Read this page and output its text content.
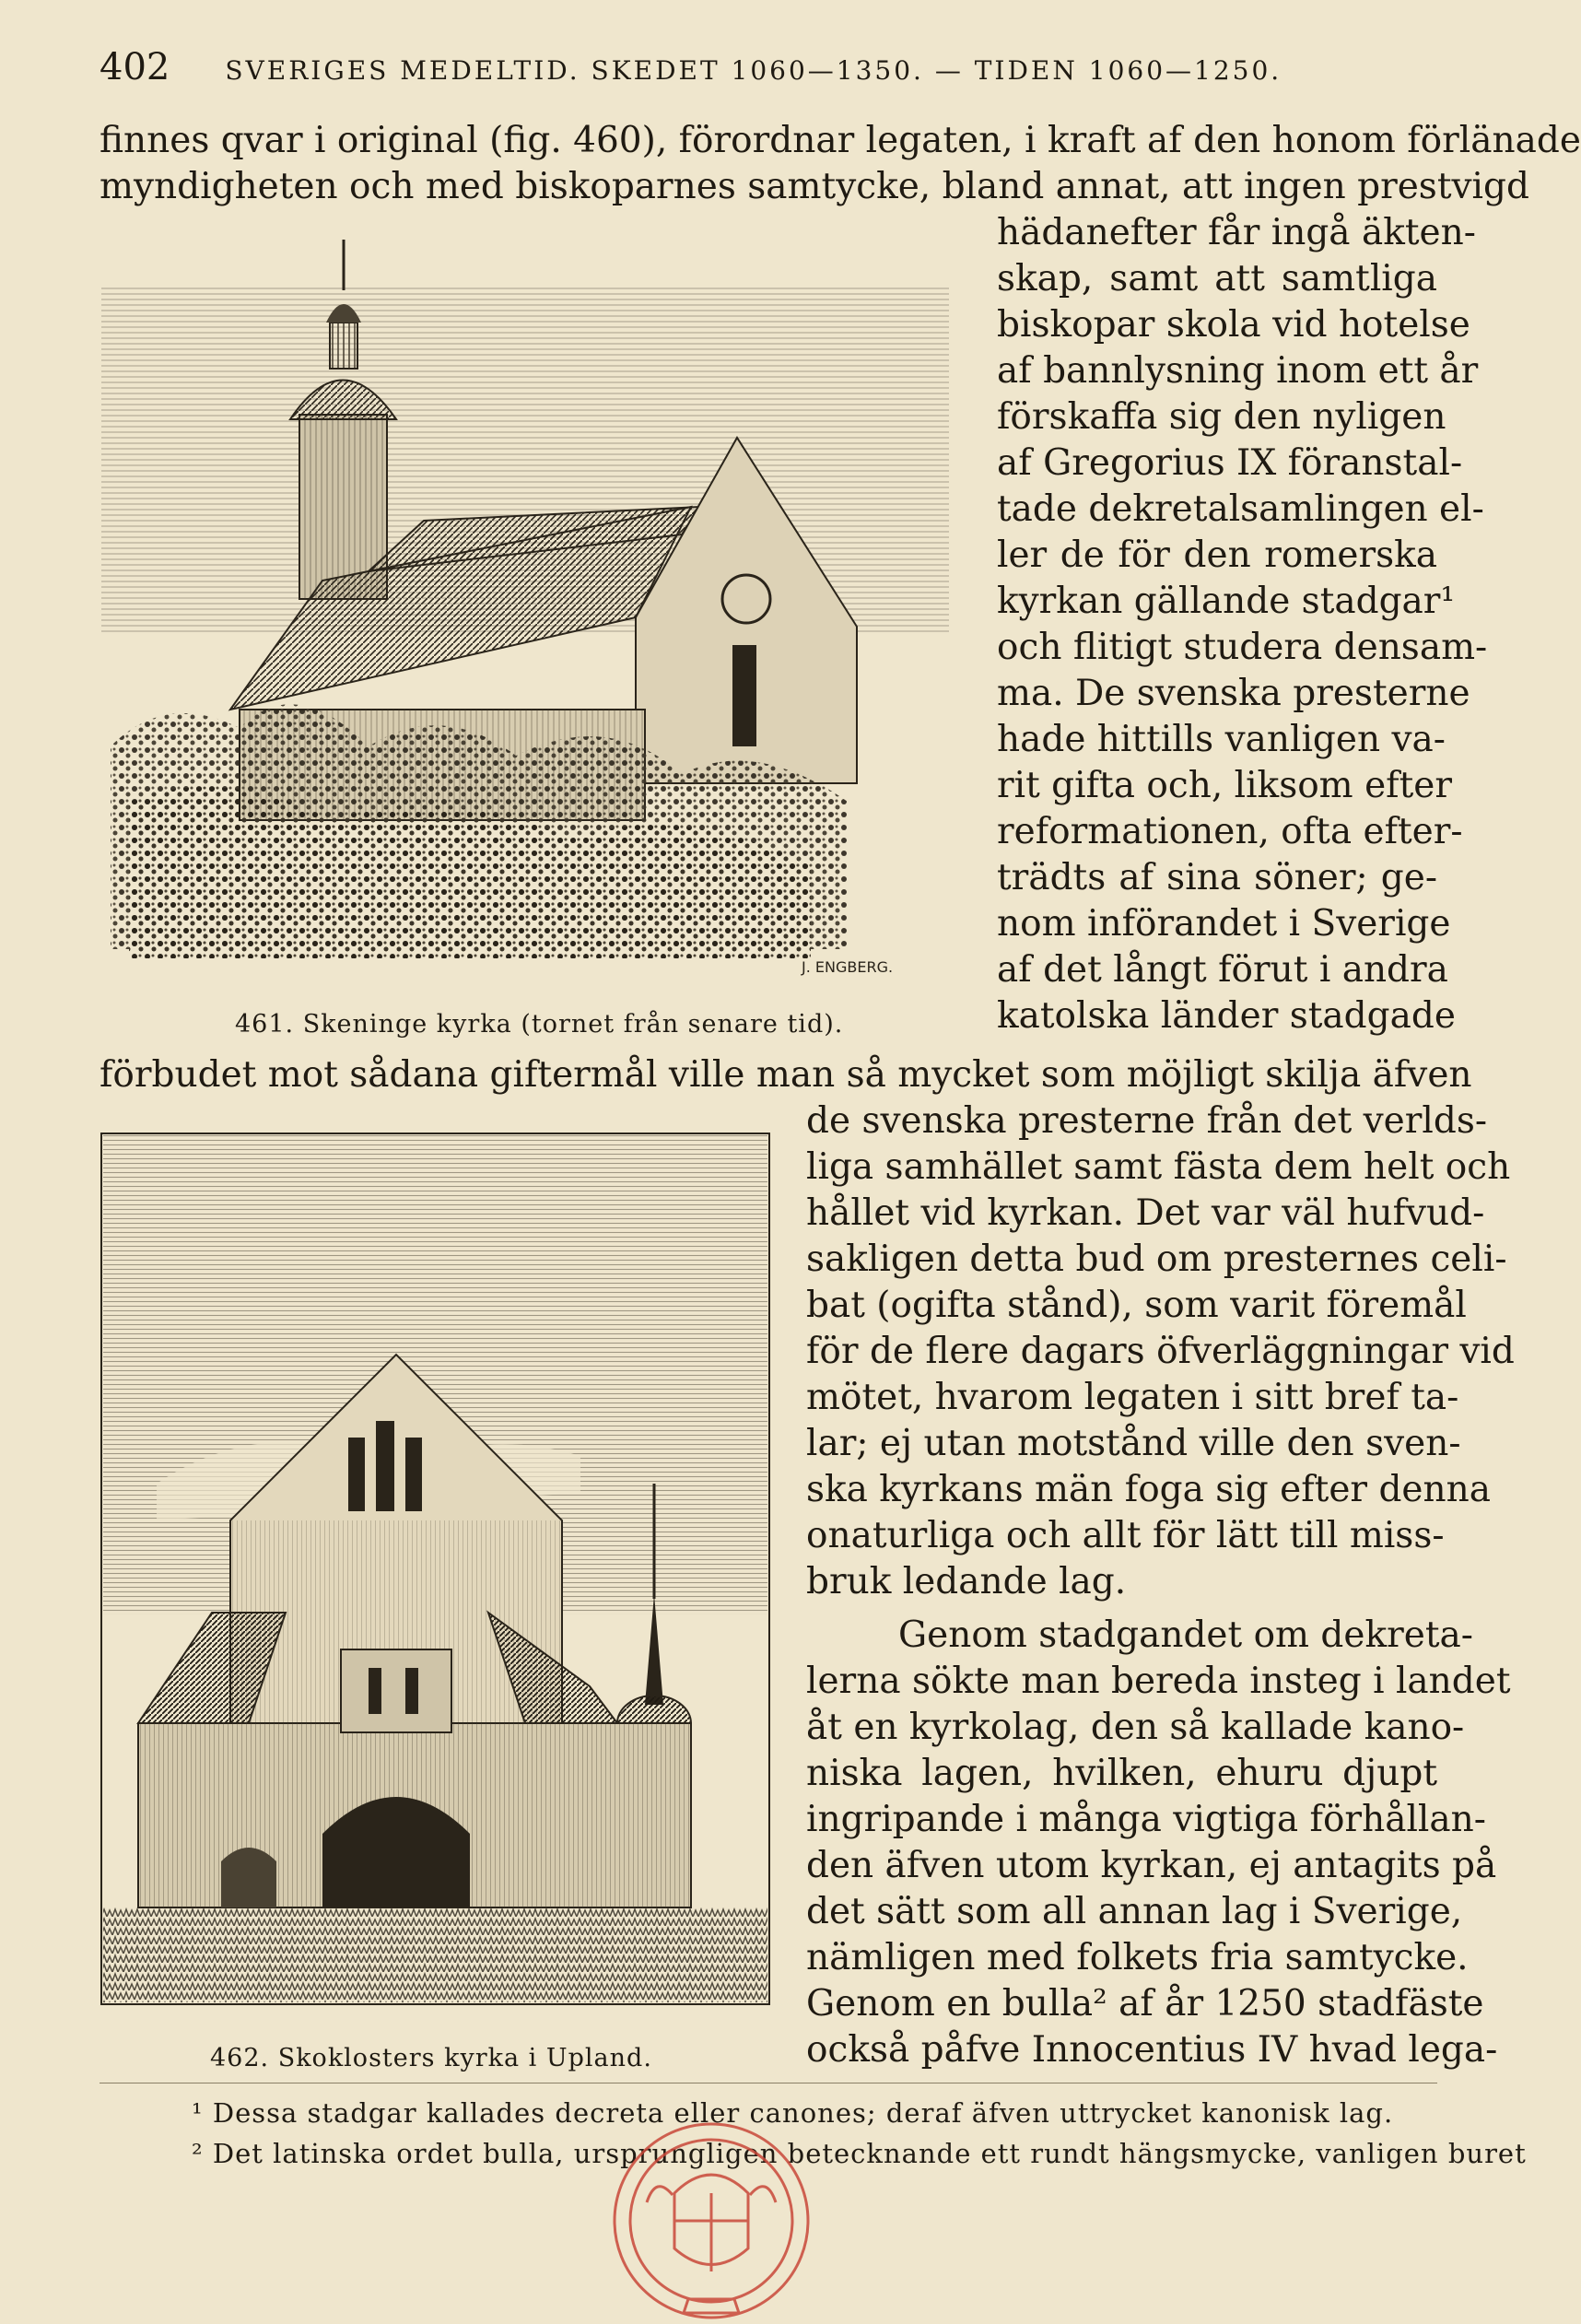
402 SVERIGES MEDELTID. SKEDET 1060—1350. — TIDEN 1060—1250.
finnes qvar i original (fig. 460), förordnar legaten, i kraft af den honom förlänade
myndigheten och med biskoparnes samtycke, bland annat, att ingen prestvigd
hädanefter får ingå äkten-
skap, samt att samtliga
biskopar skola vid hotelse
af bannlysning inom ett år
förskaffa sig den nyligen
af Gregorius IX föranstal-
tade dekretalsamlingen el-
ler de för den romerska
kyrkan gällande stadgar¹
och flitigt studera densam-
ma. De svenska presterne
hade hittills vanligen va-
rit gifta och, liksom efter
reformationen, ofta efter-
trädts af sina söner; ge-
nom införandet i Sverige
af det långt förut i andra
katolska länder stadgade
J. ENGBERG.
461. Skeninge kyrka (tornet från senare tid).
förbudet mot sådana giftermål ville man så mycket som möjligt skilja äfven
de svenska presterne från det verlds-
liga samhället samt fästa dem helt och
hållet vid kyrkan. Det var väl hufvud-
sakligen detta bud om presternes celi-
bat (ogifta stånd), som varit föremål
för de flere dagars öfverläggningar vid
mötet, hvarom legaten i sitt bref ta-
lar; ej utan motstånd ville den sven-
ska kyrkans män foga sig efter denna
onaturliga och allt för lätt till miss-
bruk ledande lag.
Genom stadgandet om dekreta-
lerna sökte man bereda insteg i landet
åt en kyrkolag, den så kallade kano-
niska lagen, hvilken, ehuru djupt
ingripande i många vigtiga förhållan-
den äfven utom kyrkan, ej antagits på
det sätt som all annan lag i Sverige,
nämligen med folkets fria samtycke.
Genom en bulla² af år 1250 stadfäste
också påfve Innocentius IV hvad lega-
462. Skoklosters kyrka i Upland.
¹ Dessa stadgar kallades decreta eller canones; deraf äfven uttrycket kanonisk lag.
² Det latinska ordet bulla, ursprungligen betecknande ett rundt hängsmycke, vanligen buret
